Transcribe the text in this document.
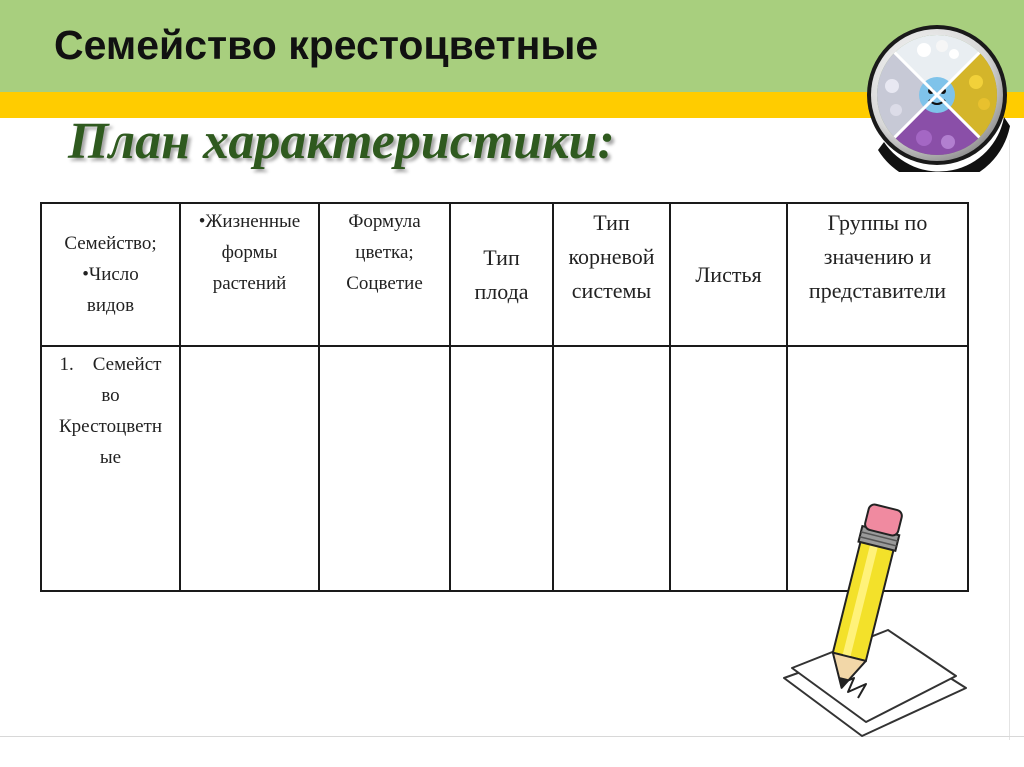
Семейство крестоцветные
План характеристики:
Семейство;
•Число
видов	•Жизненные
формы
растений	Формула
цветка;
Соцветие	Тип
плода	Тип
корневой
системы	Листья	Группы по
значению и
представители

1. Семейст
во
Крестоцветн
ые						
